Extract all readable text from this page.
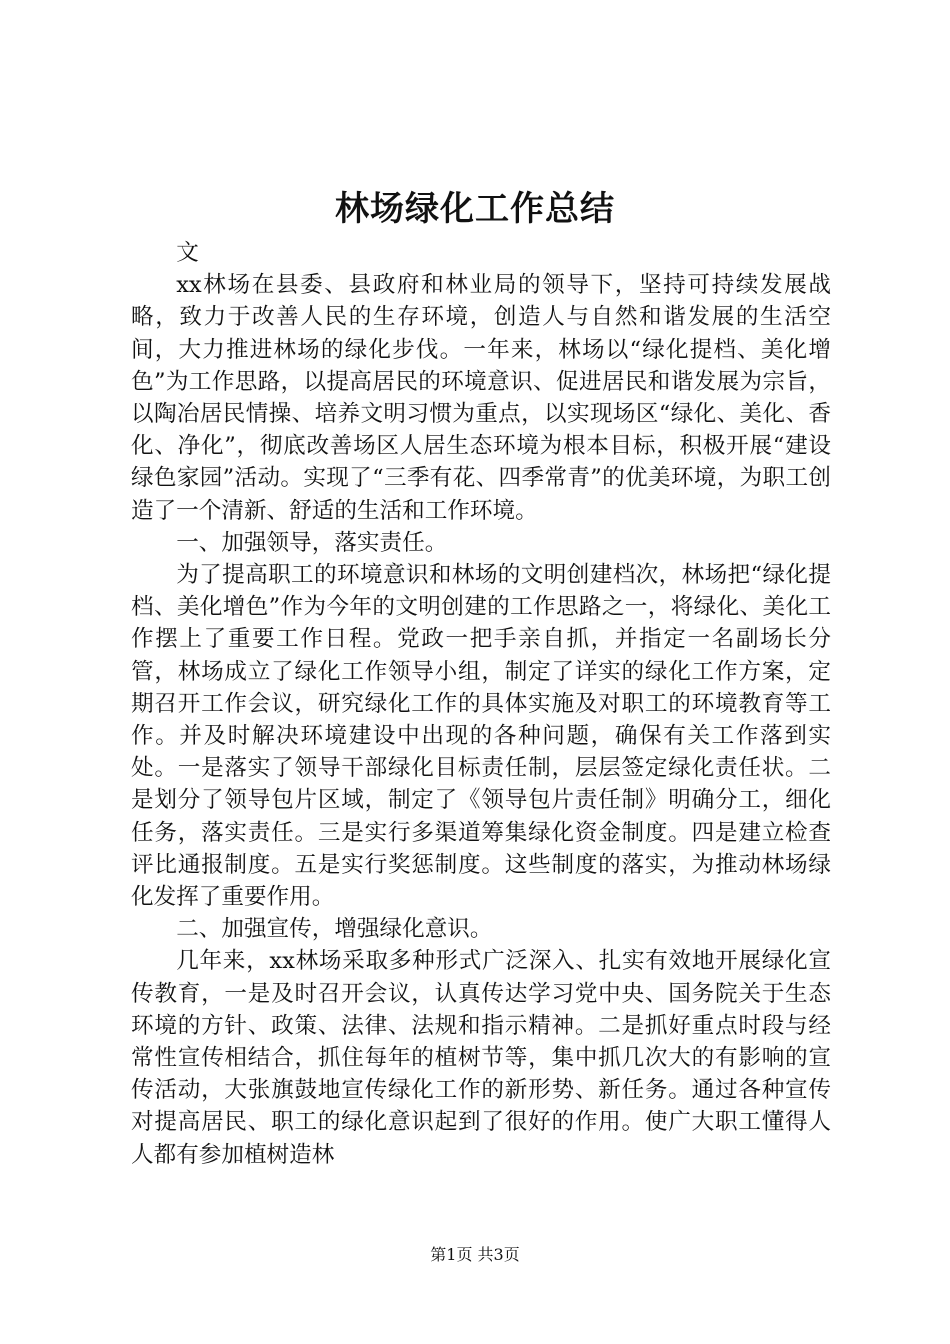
林场绿化工作总结

文

xx林场在县委、县政府和林业局的领导下，坚持可持续发展战略，致力于改善人民的生存环境，创造人与自然和谐发展的生活空间，大力推进林场的绿化步伐。一年来，林场以“绿化提档、美化增色”为工作思路，以提高居民的环境意识、促进居民和谐发展为宗旨，以陶冶居民情操、培养文明习惯为重点，以实现场区“绿化、美化、香化、净化”，彻底改善场区人居生态环境为根本目标，积极开展“建设绿色家园”活动。实现了“三季有花、四季常青”的优美环境，为职工创造了一个清新、舒适的生活和工作环境。

一、加强领导，落实责任。

为了提高职工的环境意识和林场的文明创建档次，林场把“绿化提档、美化增色”作为今年的文明创建的工作思路之一，将绿化、美化工作摆上了重要工作日程。党政一把手亲自抓，并指定一名副场长分管，林场成立了绿化工作领导小组，制定了详实的绿化工作方案，定期召开工作会议，研究绿化工作的具体实施及对职工的环境教育等工作。并及时解决环境建设中出现的各种问题，确保有关工作落到实处。一是落实了领导干部绿化目标责任制，层层签定绿化责任状。二是划分了领导包片区域，制定了《领导包片责任制》明确分工，细化任务，落实责任。三是实行多渠道筹集绿化资金制度。四是建立检查评比通报制度。五是实行奖惩制度。这些制度的落实，为推动林场绿化发挥了重要作用。

二、加强宣传，增强绿化意识。

几年来，xx林场采取多种形式广泛深入、扎实有效地开展绿化宣传教育，一是及时召开会议，认真传达学习党中央、国务院关于生态环境的方针、政策、法律、法规和指示精神。二是抓好重点时段与经常性宣传相结合，抓住每年的植树节等，集中抓几次大的有影响的宣传活动，大张旗鼓地宣传绿化工作的新形势、新任务。通过各种宣传对提高居民、职工的绿化意识起到了很好的作用。使广大职工懂得人人都有参加植树造林

第1页 共3页
